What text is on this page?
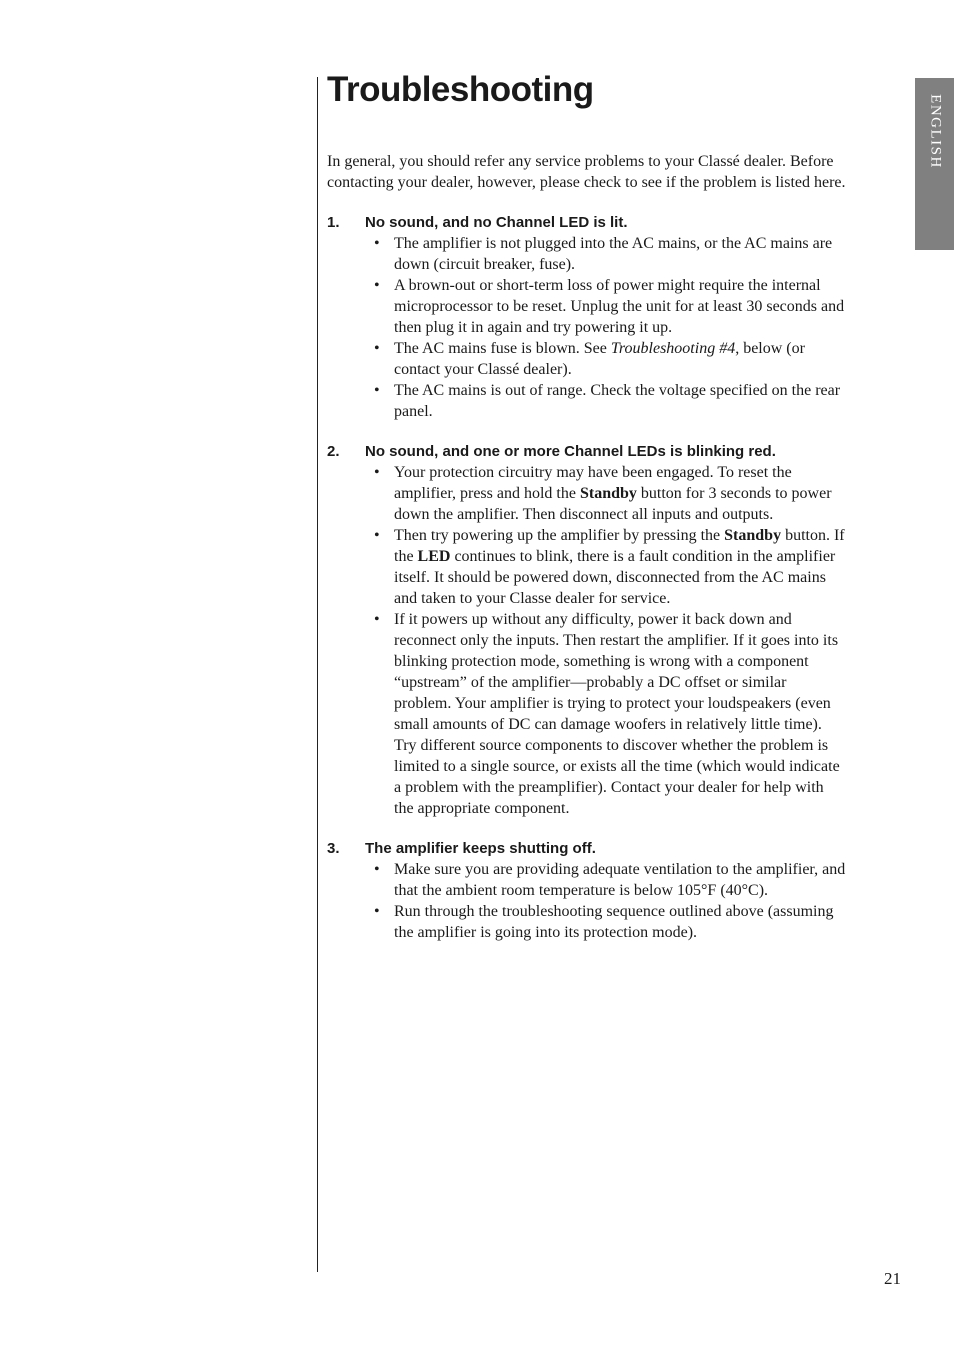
ENGLISH
Troubleshooting

In general, you should refer any service problems to your Classé dealer. Before contacting your dealer, however, please check to see if the problem is listed here.

1.	No sound, and no Channel LED is lit.
• The amplifier is not plugged into the AC mains, or the AC mains are down (circuit breaker, fuse).
• A brown-out or short-term loss of power might require the internal microprocessor to be reset. Unplug the unit for at least 30 seconds and then plug it in again and try powering it up.
• The AC mains fuse is blown. See Troubleshooting #4, below (or contact your Classé dealer).
• The AC mains is out of range. Check the voltage specified on the rear panel.
2.	No sound, and one or more Channel LEDs is blinking red.
• Your protection circuitry may have been engaged. To reset the amplifier, press and hold the Standby button for 3 seconds to power down the amplifier. Then disconnect all inputs and outputs.
• Then try powering up the amplifier by pressing the Standby button. If the LED continues to blink, there is a fault condition in the amplifier itself. It should be powered down, disconnected from the AC mains and taken to your Classe dealer for service.
• If it powers up without any difficulty, power it back down and reconnect only the inputs. Then restart the amplifier. If it goes into its blinking protection mode, something is wrong with a component “upstream” of the amplifier—probably a DC offset or similar problem. Your amplifier is trying to protect your loudspeakers (even small amounts of DC can damage woofers in relatively little time). Try different source components to discover whether the problem is limited to a single source, or exists all the time (which would indicate a problem with the preamplifier). Contact your dealer for help with the appropriate component.
3.	The amplifier keeps shutting off.
• Make sure you are providing adequate ventilation to the amplifier, and that the ambient room temperature is below 105°F (40°C).
• Run through the troubleshooting sequence outlined above (assuming the amplifier is going into its protection mode).
21
